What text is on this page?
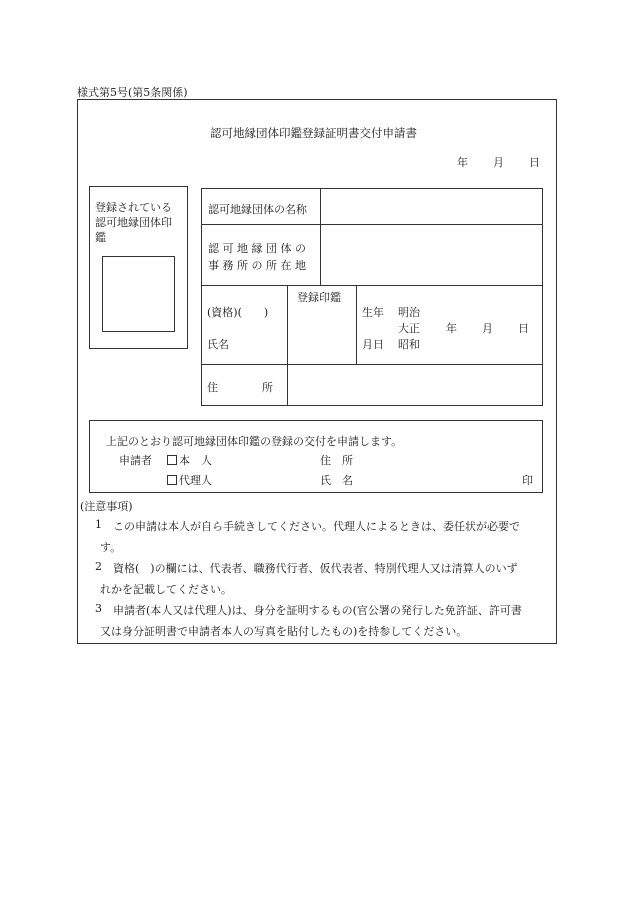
様式第5号(第5条関係)
認可地縁団体印鑑登録証明書交付申請書
年 月 日
登録されている
認可地縁団体印
鑑
認可地縁団体の名称
認 可 地 縁 団 体 の
事 務 所 の 所 在 地
(資格)(　　)
氏名
登録印鑑
生年
月日
明治
大正
昭和
年 月 日
住　　　　所
上記のとおり認可地縁団体印鑑の登録の交付を申請します。
申請者	本　人
代理人
住　所
氏　名	印
(注意事項)
1 この申請は本人が自ら手続きしてください。代理人によるときは、委任状が必要で
す。
2 資格(　)の欄には、代表者、職務代行者、仮代表者、特別代理人又は清算人のいず
れかを記載してください。
3 申請者(本人又は代理人)は、身分を証明するもの(官公署の発行した免許証、許可書
又は身分証明書で申請者本人の写真を貼付したもの)を持参してください。
